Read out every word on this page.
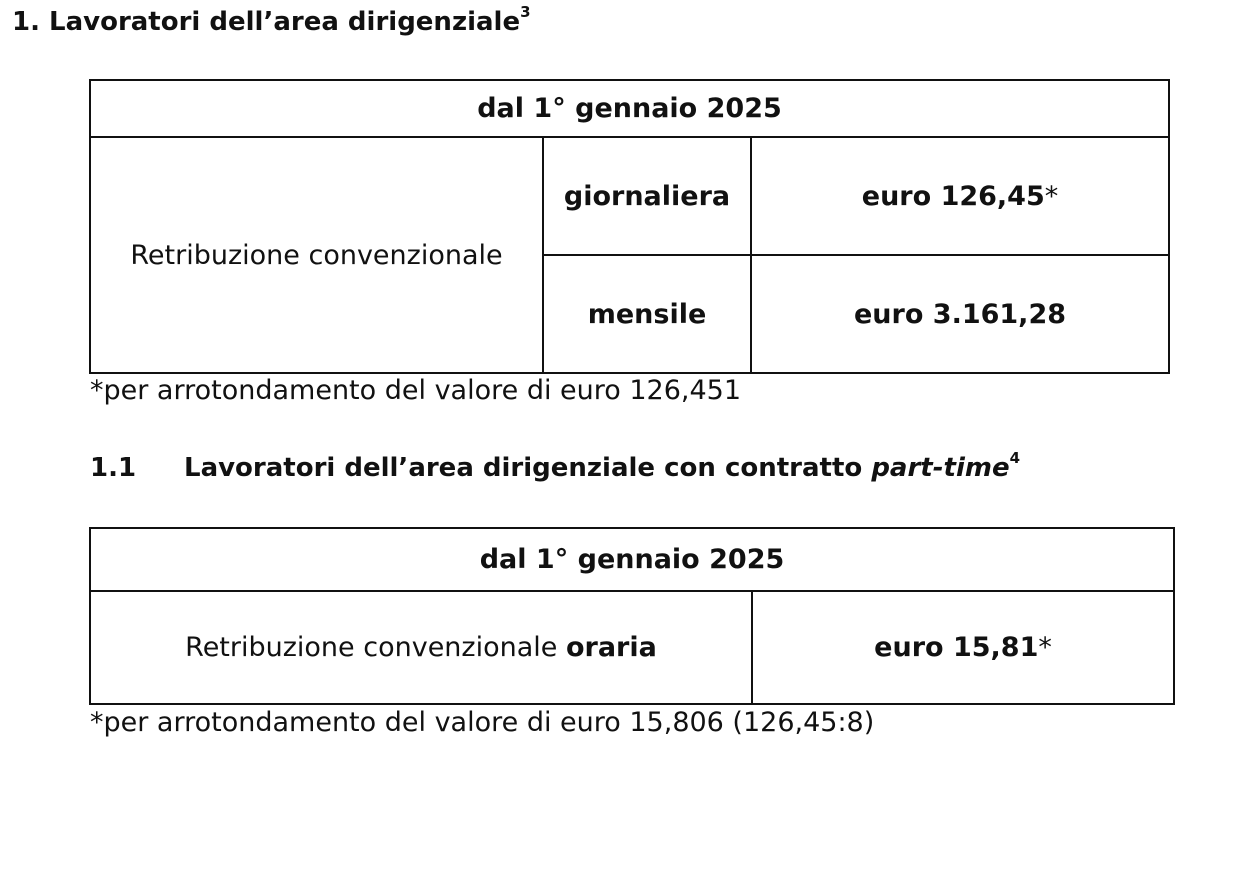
1. Lavoratori dell’area dirigenziale$^3$
dal 1° gennaio 2025		
Retribuzione convenzionale	giornaliera	euro 126,45*
	mensile	euro 3.161,28
*per arrotondamento del valore di euro 126,451
1.1 Lavoratori dell’area dirigenziale con contratto part-time$^4$
dal 1° gennaio 2025
Retribuzione convenzionale oraria	euro 15,81*
*per arrotondamento del valore di euro 15,806 (126,45:8)
